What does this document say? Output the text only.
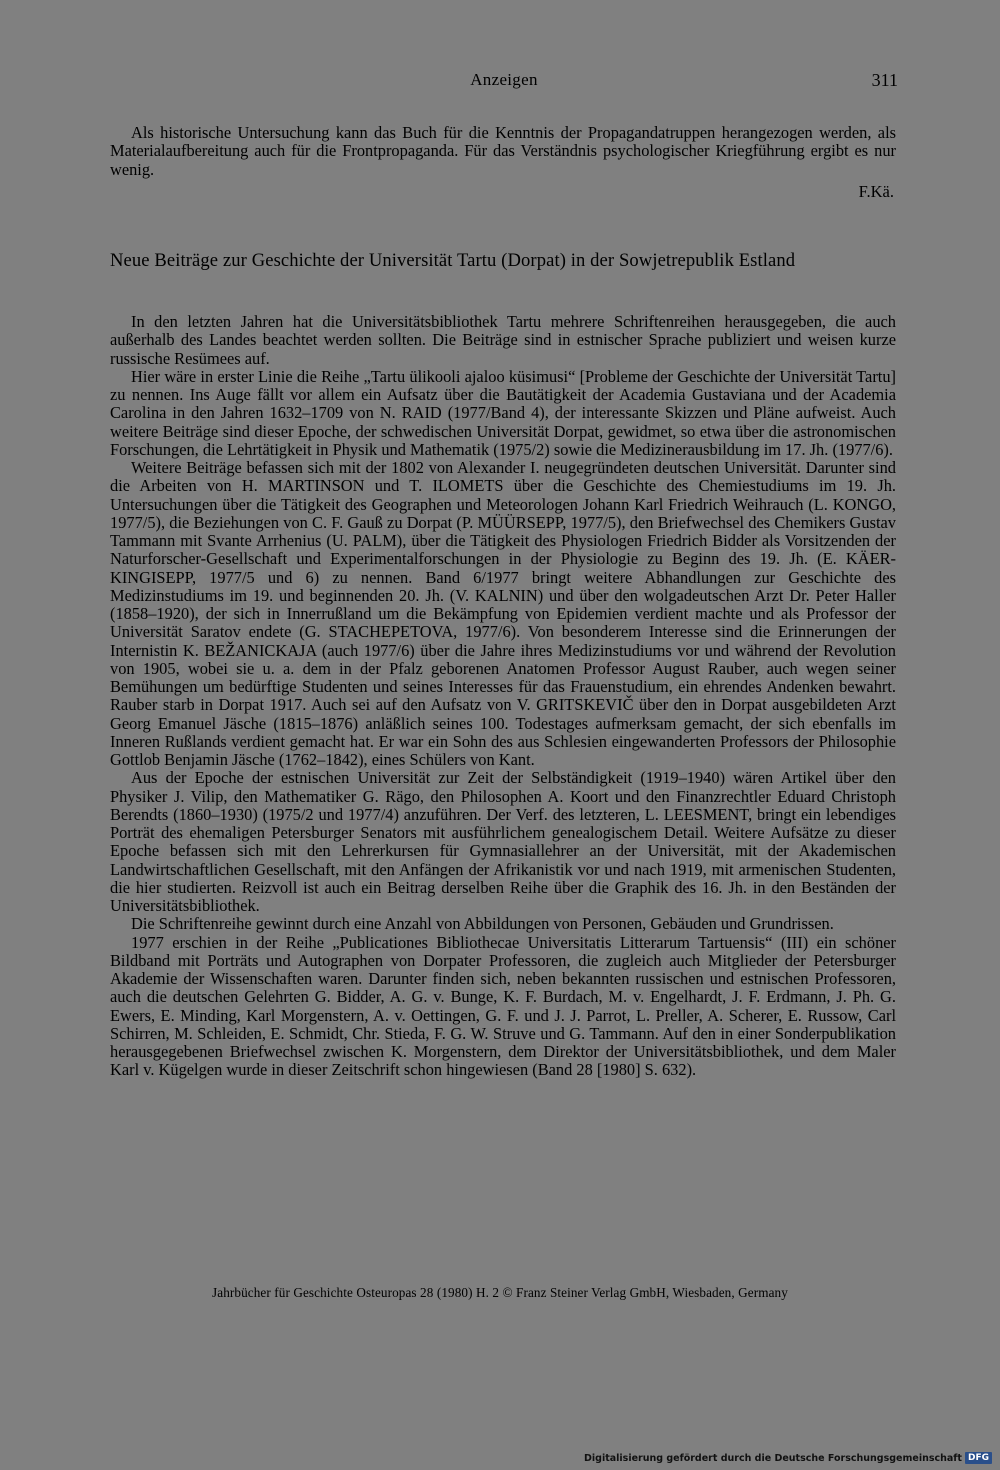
Anzeigen	311

Als historische Untersuchung kann das Buch für die Kenntnis der Propagandatruppen herangezogen werden, als Materialaufbereitung auch für die Frontpropaganda. Für das Verständnis psychologischer Kriegführung ergibt es nur wenig.

F.Kä.
Neue Beiträge zur Geschichte der Universität Tartu (Dorpat) in der Sowjetrepublik Estland

In den letzten Jahren hat die Universitätsbibliothek Tartu mehrere Schriftenreihen herausgegeben, die auch außerhalb des Landes beachtet werden sollten. Die Beiträge sind in estnischer Sprache publiziert und weisen kurze russische Resümees auf.

Hier wäre in erster Linie die Reihe „Tartu ülikooli ajaloo küsimusi“ [Probleme der Geschichte der Universität Tartu] zu nennen. Ins Auge fällt vor allem ein Aufsatz über die Bautätigkeit der Academia Gustaviana und der Academia Carolina in den Jahren 1632–1709 von N. RAID (1977/Band 4), der interessante Skizzen und Pläne aufweist. Auch weitere Beiträge sind dieser Epoche, der schwedischen Universität Dorpat, gewidmet, so etwa über die astronomischen Forschungen, die Lehrtätigkeit in Physik und Mathematik (1975/2) sowie die Medizinerausbildung im 17. Jh. (1977/6).

Weitere Beiträge befassen sich mit der 1802 von Alexander I. neugegründeten deutschen Universität. Darunter sind die Arbeiten von H. MARTINSON und T. ILOMETS über die Geschichte des Chemiestudiums im 19. Jh. Untersuchungen über die Tätigkeit des Geographen und Meteorologen Johann Karl Friedrich Weihrauch (L. KONGO, 1977/5), die Beziehungen von C. F. Gauß zu Dorpat (P. MÜÜRSEPP, 1977/5), den Briefwechsel des Chemikers Gustav Tammann mit Svante Arrhenius (U. PALM), über die Tätigkeit des Physiologen Friedrich Bidder als Vorsitzenden der Naturforscher-Gesellschaft und Experimentalforschungen in der Physiologie zu Beginn des 19. Jh. (E. KÄER-KINGISEPP, 1977/5 und 6) zu nennen. Band 6/1977 bringt weitere Abhandlungen zur Geschichte des Medizinstudiums im 19. und beginnenden 20. Jh. (V. KALNIN) und über den wolgadeutschen Arzt Dr. Peter Haller (1858–1920), der sich in Innerrußland um die Bekämpfung von Epidemien verdient machte und als Professor der Universität Saratov endete (G. STACHEPETOVA, 1977/6). Von besonderem Interesse sind die Erinnerungen der Internistin K. BEŽANICKAJA (auch 1977/6) über die Jahre ihres Medizinstudiums vor und während der Revolution von 1905, wobei sie u. a. dem in der Pfalz geborenen Anatomen Professor August Rauber, auch wegen seiner Bemühungen um bedürftige Studenten und seines Interesses für das Frauenstudium, ein ehrendes Andenken bewahrt. Rauber starb in Dorpat 1917. Auch sei auf den Aufsatz von V. GRITSKEVIČ über den in Dorpat ausgebildeten Arzt Georg Emanuel Jäsche (1815–1876) anläßlich seines 100. Todestages aufmerksam gemacht, der sich ebenfalls im Inneren Rußlands verdient gemacht hat. Er war ein Sohn des aus Schlesien eingewanderten Professors der Philosophie Gottlob Benjamin Jäsche (1762–1842), eines Schülers von Kant.

Aus der Epoche der estnischen Universität zur Zeit der Selbständigkeit (1919–1940) wären Artikel über den Physiker J. Vilip, den Mathematiker G. Rägo, den Philosophen A. Koort und den Finanzrechtler Eduard Christoph Berendts (1860–1930) (1975/2 und 1977/4) anzuführen. Der Verf. des letzteren, L. LEESMENT, bringt ein lebendiges Porträt des ehemaligen Petersburger Senators mit ausführlichem genealogischem Detail. Weitere Aufsätze zu dieser Epoche befassen sich mit den Lehrerkursen für Gymnasiallehrer an der Universität, mit der Akademischen Landwirtschaftlichen Gesellschaft, mit den Anfängen der Afrikanistik vor und nach 1919, mit armenischen Studenten, die hier studierten. Reizvoll ist auch ein Beitrag derselben Reihe über die Graphik des 16. Jh. in den Beständen der Universitätsbibliothek.

Die Schriftenreihe gewinnt durch eine Anzahl von Abbildungen von Personen, Gebäuden und Grundrissen.

1977 erschien in der Reihe „Publicationes Bibliothecae Universitatis Litterarum Tartuensis“ (III) ein schöner Bildband mit Porträts und Autographen von Dorpater Professoren, die zugleich auch Mitglieder der Petersburger Akademie der Wissenschaften waren. Darunter finden sich, neben bekannten russischen und estnischen Professoren, auch die deutschen Gelehrten G. Bidder, A. G. v. Bunge, K. F. Burdach, M. v. Engelhardt, J. F. Erdmann, J. Ph. G. Ewers, E. Minding, Karl Morgenstern, A. v. Oettingen, G. F. und J. J. Parrot, L. Preller, A. Scherer, E. Russow, Carl Schirren, M. Schleiden, E. Schmidt, Chr. Stieda, F. G. W. Struve und G. Tammann. Auf den in einer Sonderpublikation herausgegebenen Briefwechsel zwischen K. Morgenstern, dem Direktor der Universitätsbibliothek, und dem Maler Karl v. Kügelgen wurde in dieser Zeitschrift schon hingewiesen (Band 28 [1980] S. 632).

Jahrbücher für Geschichte Osteuropas 28 (1980) H. 2 © Franz Steiner Verlag GmbH, Wiesbaden, Germany
Digitalisierung gefördert durch die Deutsche Forschungsgemeinschaft DFG
